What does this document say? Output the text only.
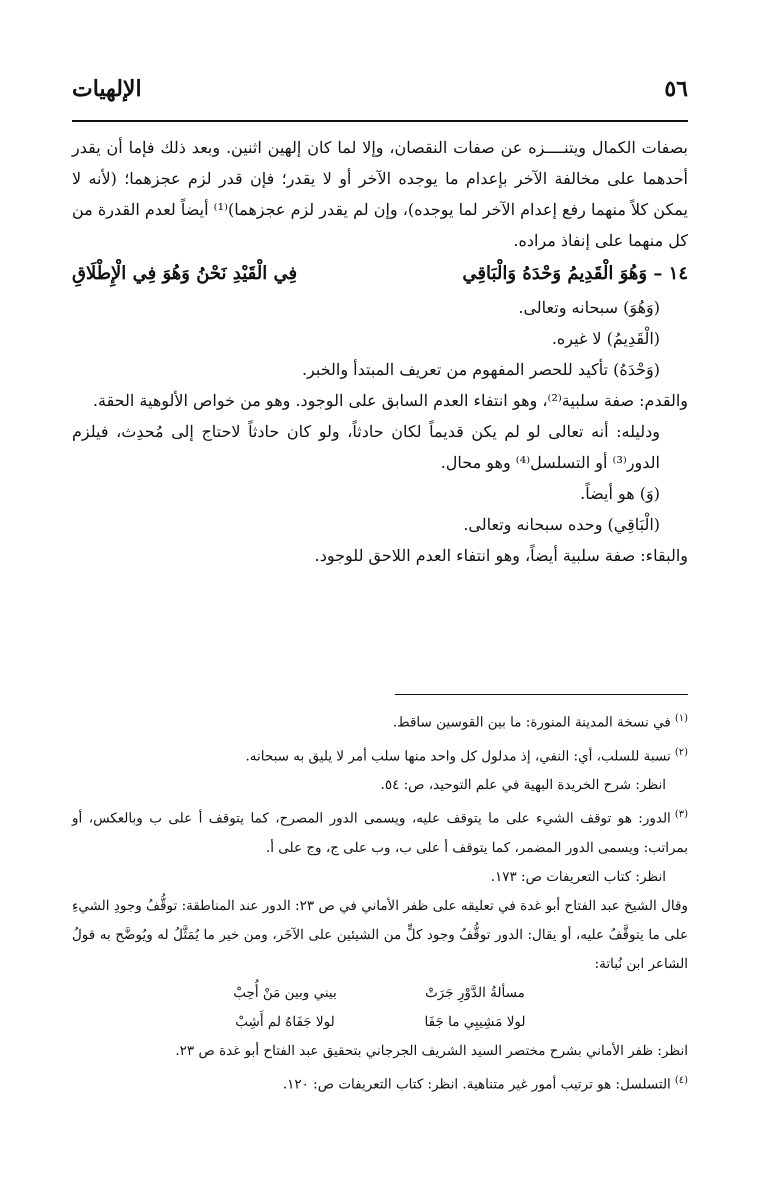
٥٦
الإلهيات

بصفات الكمال ويتنــــزه عن صفات النقصان، وإلا لما كان إلهين اثنين. وبعد ذلك فإما أن يقدر أحدهما على مخالفة الآخر بإعدام ما يوجده الآخر أو لا يقدر؛ فإن قدر لزم عجزهما؛ (لأنه لا يمكن كلاً منهما رفع إعدام الآخر لما يوجده)، وإن لم يقدر لزم عجزهما)⁽¹⁾ أيضاً لعدم القدرة من كل منهما على إنفاذ مراده.

١٤ – وَهُوَ الْقَدِيمُ وَحْدَهُ وَالْبَاقِي
فِي الْقَيْدِ نَحْنُ وَهُوَ فِي الْإِطْلَاقِ

(وَهُوَ) سبحانه وتعالى.

(الْقَدِيمُ) لا غيره.

(وَحْدَهُ) تأكيد للحصر المفهوم من تعريف المبتدأ والخبر.

والقدم: صفة سلبية⁽²⁾، وهو انتفاء العدم السابق على الوجود. وهو من خواص الألوهية الحقة.

ودليله: أنه تعالى لو لم يكن قديماً لكان حادثاً، ولو كان حادثاً لاحتاج إلى مُحدِث، فيلزم الدور⁽³⁾ أو التسلسل⁽⁴⁾ وهو محال.

(وَ) هو أيضاً.

(الْبَاقِي) وحده سبحانه وتعالى.

والبقاء: صفة سلبية أيضاً، وهو انتفاء العدم اللاحق للوجود.

$^{(١)}$في نسخة المدينة المنورة: ما بين القوسين ساقط.

$^{(٢)}$نسبة للسلب، أي: النفي، إذ مدلول كل واحد منها سلب أمر لا يليق به سبحانه.

انظر: شرح الخريدة البهية في علم التوحيد، ص: ٥٤.

$^{(٣)}$الدور: هو توقف الشيء على ما يتوقف عليه، ويسمى الدور المصرح، كما يتوقف أ على ب وبالعكس، أو بمراتب: ويسمى الدور المضمر، كما يتوقف أ على ب، وب على ج، وج على أ.

انظر: كتاب التعريفات ص: ١٧٣.

وقال الشيخ عبد الفتاح أبو غدة في تعليقه على ظفر الأماني في ص ٢٣: الدور عند المناطقة: توقُّفُ وجودِ الشيءِ على ما يتوقَّفُ عليه، أو يقال: الدور توقُّفُ وجود كلٍّ من الشيئين على الآخَر، ومن خير ما يُمَثَّلُ له ويُوضَّح به قولُ الشاعر ابن نُباتة:

مسألةُ الدَّوْرِ جَرَتْ
بيني وبين مَنْ أُحِبْ
لولا مَشِيبِي ما جَفَا
لولا جَفَاهُ لم أَشِبْ

انظر: ظفر الأماني بشرح مختصر السيد الشريف الجرجاني بتحقيق عبد الفتاح أبو غدة ص ٢٣.

$^{(٤)}$التسلسل: هو ترتيب أمور غير متناهية. انظر: كتاب التعريفات ص: ١٢٠.
